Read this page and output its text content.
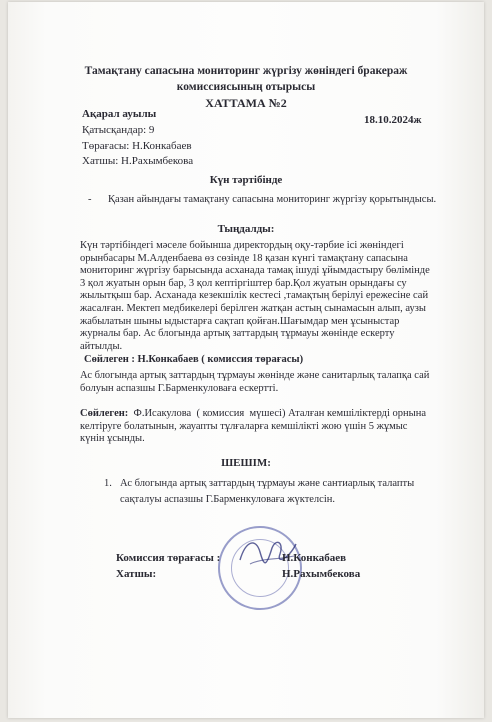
Тамақтану сапасына мониторинг жүргізу жөніндегі бракераж
комиссиясының отырысы
ХАТТАМА №2
Ақарал ауылы	18.10.2024ж
Қатысқандар: 9
Төрағасы: Н.Конкабаев
Хатшы: Н.Рахымбекова
Күн тәртібінде
- Қазан айындағы тамақтану сапасына мониторинг жүргізу қорытындысы.
Тыңдалды:
Күн тәртібіндегі мәселе бойынша директордың оқу-тәрбие ісі жөніндегі
орынбасары М.Алденбаева өз сөзінде 18 қазан күнгі тамақтану сапасына
мониторинг жүргізу барысында асханада тамақ ішуді ұйымдастыру бөлімінде
3 қол жуатын орын бар, 3 қол кептіргіштер бар.Қол жуатын орындағы су
жылытқыш бар. Асханада кезекшілік кестесі ,тамақтың берілуі ережесіне сай
жасалған. Мектеп медбикелері берілген жатқан астың сынамасын алып, аузы
жабылатын шыны ыдыстарға сақтап қойған.Шағымдар мен ұсыныстар
журналы бар. Ас блогында артық заттардың тұрмауы жөнінде ескерту
айтылды.
Сөйлеген : Н.Конкабаев ( комиссия төрағасы)
Ас блогында артық заттардың тұрмауы жөнінде және санитарлық талапқа сай
болуын аспазшы Г.Барменкуловаға ескертті.
Сөйлеген:  Ф.Исакулова  ( комиссия  мүшесі) Аталған кемшіліктерді орнына
келтіруге болатынын, жауапты тұлғаларға кемшілікті жою үшін 5 жұмыс
күнін ұсынды.
ШЕШІМ:
1. Ас блогында артық заттардың тұрмауы және сантиарлық талапты
сақталуы аспазшы Г.Барменкуловаға жүктелсін.
Комиссия төрағасы :	Н.Конкабаев
Хатшы:	Н.Рахымбекова
